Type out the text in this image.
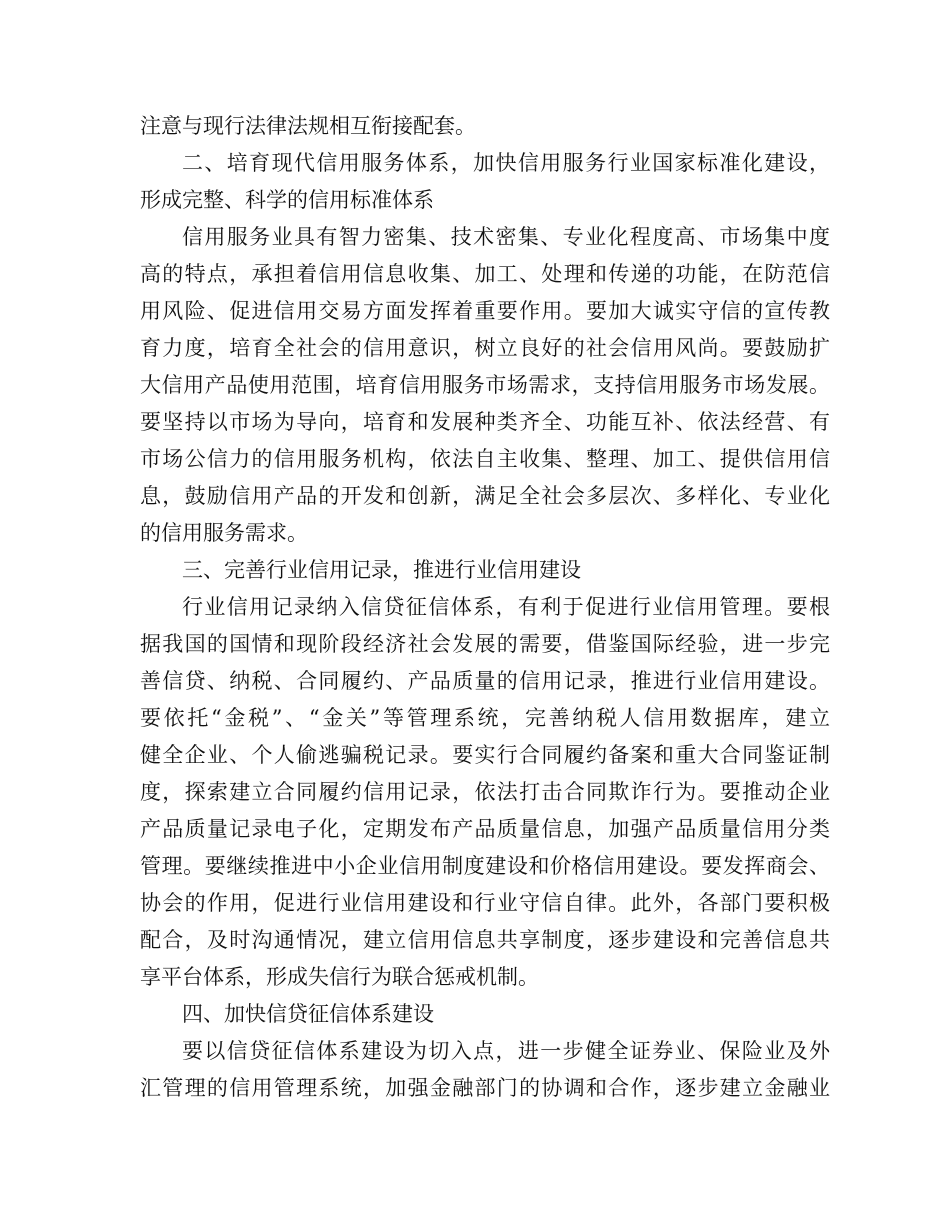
注意与现行法律法规相互衔接配套。

二、培育现代信用服务体系，加快信用服务行业国家标准化建设，

形成完整、科学的信用标准体系

信用服务业具有智力密集、技术密集、专业化程度高、市场集中度

高的特点，承担着信用信息收集、加工、处理和传递的功能，在防范信

用风险、促进信用交易方面发挥着重要作用。要加大诚实守信的宣传教

育力度，培育全社会的信用意识，树立良好的社会信用风尚。要鼓励扩

大信用产品使用范围，培育信用服务市场需求，支持信用服务市场发展。

要坚持以市场为导向，培育和发展种类齐全、功能互补、依法经营、有

市场公信力的信用服务机构，依法自主收集、整理、加工、提供信用信

息，鼓励信用产品的开发和创新，满足全社会多层次、多样化、专业化

的信用服务需求。

三、完善行业信用记录，推进行业信用建设

行业信用记录纳入信贷征信体系，有利于促进行业信用管理。要根

据我国的国情和现阶段经济社会发展的需要，借鉴国际经验，进一步完

善信贷、纳税、合同履约、产品质量的信用记录，推进行业信用建设。

要依托“金税”、“金关”等管理系统，完善纳税人信用数据库，建立

健全企业、个人偷逃骗税记录。要实行合同履约备案和重大合同鉴证制

度，探索建立合同履约信用记录，依法打击合同欺诈行为。要推动企业

产品质量记录电子化，定期发布产品质量信息，加强产品质量信用分类

管理。要继续推进中小企业信用制度建设和价格信用建设。要发挥商会、

协会的作用，促进行业信用建设和行业守信自律。此外，各部门要积极

配合，及时沟通情况，建立信用信息共享制度，逐步建设和完善信息共

享平台体系，形成失信行为联合惩戒机制。

四、加快信贷征信体系建设

要以信贷征信体系建设为切入点，进一步健全证券业、保险业及外

汇管理的信用管理系统，加强金融部门的协调和合作，逐步建立金融业
